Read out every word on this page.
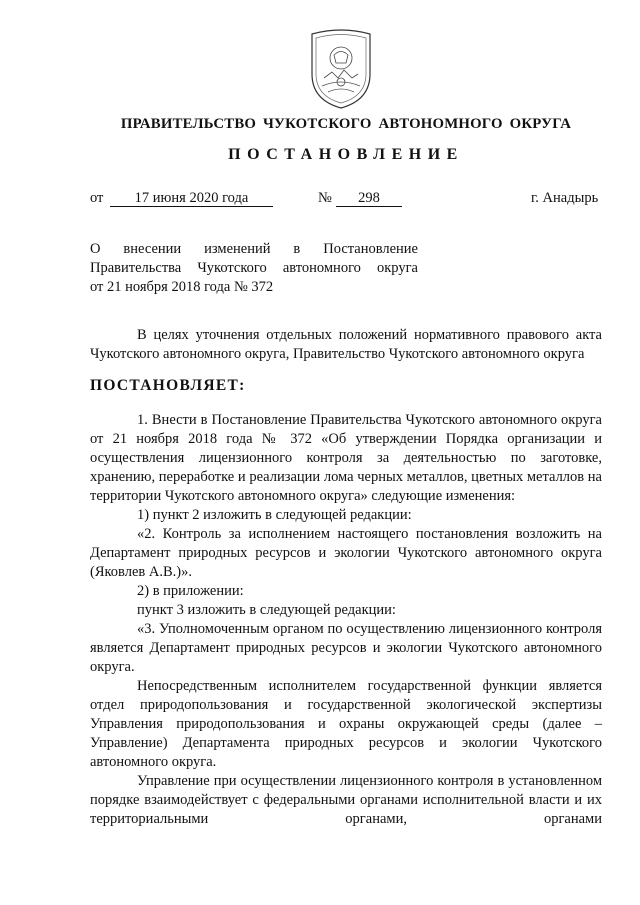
ПРАВИТЕЛЬСТВО ЧУКОТСКОГО АВТОНОМНОГО ОКРУГА
ПОСТАНОВЛЕНИЕ
от	17 июня 2020 года	№	298	г. Анадырь
О внесении изменений в Постановление
Правительства Чукотского автономного округа
от 21 ноября 2018 года № 372

В целях уточнения отдельных положений нормативного правового акта Чукотского автономного округа, Правительство Чукотского автономного округа

ПОСТАНОВЛЯЕТ:

1. Внести в Постановление Правительства Чукотского автономного округа от 21 ноября 2018 года № 372 «Об утверждении Порядка организации и осуществления лицензионного контроля за деятельностью по заготовке, хранению, переработке и реализации лома черных металлов, цветных металлов на территории Чукотского автономного округа» следующие изменения:

1) пункт 2 изложить в следующей редакции:

«2. Контроль за исполнением настоящего постановления возложить на Департамент природных ресурсов и экологии Чукотского автономного округа (Яковлев А.В.)».

2) в приложении:

пункт 3 изложить в следующей редакции:

«3. Уполномоченным органом по осуществлению лицензионного контроля является Департамент природных ресурсов и экологии Чукотского автономного округа.

Непосредственным исполнителем государственной функции является отдел природопользования и государственной экологической экспертизы Управления природопользования и охраны окружающей среды (далее – Управление) Департамента природных ресурсов и экологии Чукотского автономного округа.

Управление при осуществлении лицензионного контроля в установленном порядке взаимодействует с федеральными органами исполнительной власти и их территориальными органами, органами
